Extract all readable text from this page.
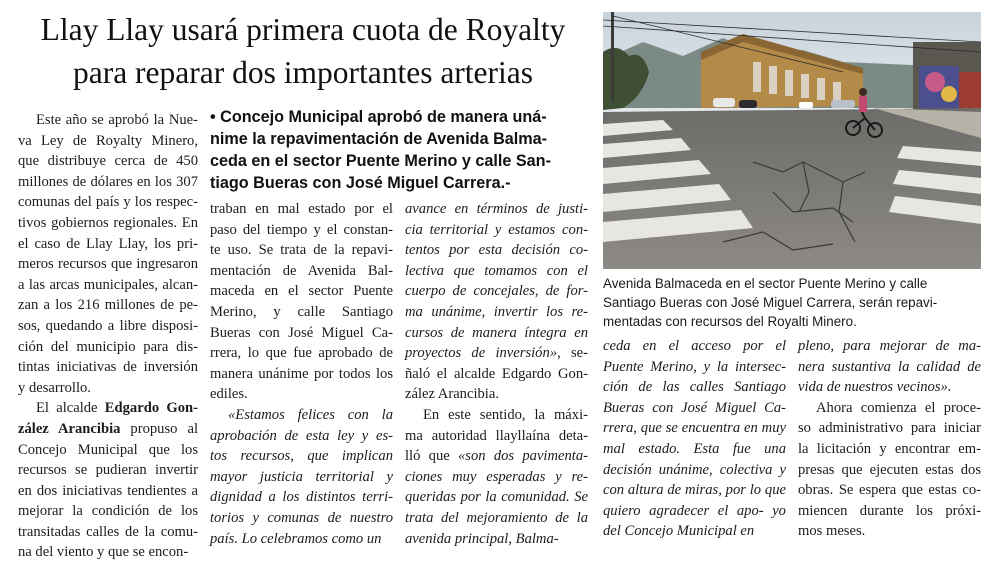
Llay Llay usará primera cuota de Royalty
para reparar dos importantes arterias
• Concejo Municipal aprobó de manera uná-
nime la repavimentación de Avenida Balma-
ceda en el sector Puente Merino y calle San-
tiago Bueras con José Miguel Carrera.-
Avenida Balmaceda en el sector Puente Merino y calle
Santiago Bueras con José Miguel Carrera, serán repavi-
mentadas con recursos del Royalti Minero.

Este año se aprobó la Nue- va Ley de Royalty Minero, que distribuye cerca de 450 millones de dólares en los 307 comunas del país y los respec- tivos gobiernos regionales. En el caso de Llay Llay, los pri- meros recursos que ingresaron a las arcas municipales, alcan- zan a los 216 millones de pe- sos, quedando a libre disposi- ción del municipio para dis- tintas iniciativas de inversión y desarrollo.

El alcalde Edgardo Gon- zález Arancibia propuso al Concejo Municipal que los recursos se pudieran invertir en dos iniciativas tendientes a mejorar la condición de los transitadas calles de la comu- na del viento y que se encon-

traban en mal estado por el paso del tiempo y el constan- te uso. Se trata de la repavi- mentación de Avenida Bal- maceda en el sector Puente Merino, y calle Santiago Bueras con José Miguel Ca- rrera, lo que fue aprobado de manera unánime por todos los ediles.

«Estamos felices con la aprobación de esta ley y es- tos recursos, que implican mayor justicia territorial y dignidad a los distintos terri- torios y comunas de nuestro país. Lo celebramos como un

avance en términos de justi- cia territorial y estamos con- tentos por esta decisión co- lectiva que tomamos con el cuerpo de concejales, de for- ma unánime, invertir los re- cursos de manera íntegra en proyectos de inversión», se- ñaló el alcalde Edgardo Gon- zález Arancibia.

En este sentido, la máxi- ma autoridad llayllaína deta- lló que «son dos pavimenta- ciones muy esperadas y re- queridas por la comunidad. Se trata del mejoramiento de la avenida principal, Balma-

ceda en el acceso por el Puente Merino, y la intersec- ción de las calles Santiago Bueras con José Miguel Ca- rrera, que se encuentra en muy mal estado. Esta fue una decisión unánime, colectiva y con altura de miras, por lo que quiero agradecer el apo- yo del Concejo Municipal en

pleno, para mejorar de ma- nera sustantiva la calidad de vida de nuestros vecinos».

Ahora comienza el proce- so administrativo para iniciar la licitación y encontrar em- presas que ejecuten estas dos obras. Se espera que estas co- miencen durante los próxi- mos meses.
